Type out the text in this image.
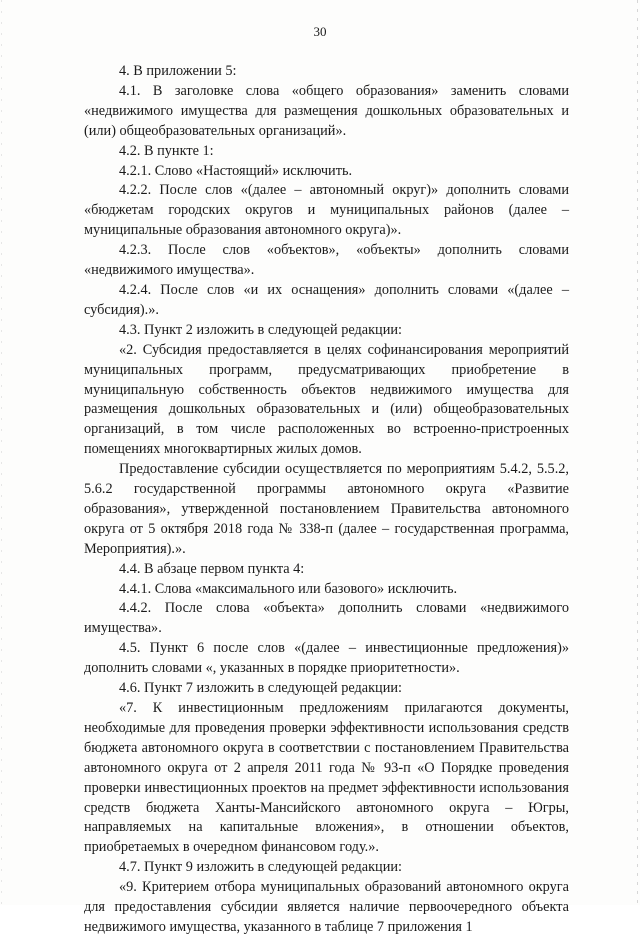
30

4. В приложении 5:

4.1. В заголовке слова «общего образования» заменить словами «недвижимого имущества для размещения дошкольных образовательных и (или) общеобразовательных организаций».

4.2. В пункте 1:

4.2.1. Слово «Настоящий» исключить.

4.2.2. После слов «(далее – автономный округ)» дополнить словами «бюджетам городских округов и муниципальных районов (далее – муниципальные образования автономного округа)».

4.2.3. После слов «объектов», «объекты» дополнить словами «недвижимого имущества».

4.2.4. После слов «и их оснащения» дополнить словами «(далее – субсидия).».

4.3. Пункт 2 изложить в следующей редакции:

«2. Субсидия предоставляется в целях софинансирования мероприятий муниципальных программ, предусматривающих приобретение в муниципальную собственность объектов недвижимого имущества для размещения дошкольных образовательных и (или) общеобразовательных организаций, в том числе расположенных во встроенно-пристроенных помещениях многоквартирных жилых домов.

Предоставление субсидии осуществляется по мероприятиям 5.4.2, 5.5.2, 5.6.2 государственной программы автономного округа «Развитие образования», утвержденной постановлением Правительства автономного округа от 5 октября 2018 года № 338-п (далее – государственная программа, Мероприятия).».

4.4. В абзаце первом пункта 4:

4.4.1. Слова «максимального или базового» исключить.

4.4.2. После слова «объекта» дополнить словами «недвижимого имущества».

4.5. Пункт 6 после слов «(далее – инвестиционные предложения)» дополнить словами «, указанных в порядке приоритетности».

4.6. Пункт 7 изложить в следующей редакции:

«7. К инвестиционным предложениям прилагаются документы, необходимые для проведения проверки эффективности использования средств бюджета автономного округа в соответствии с постановлением Правительства автономного округа от 2 апреля 2011 года № 93-п «О Порядке проведения проверки инвестиционных проектов на предмет эффективности использования средств бюджета Ханты-Мансийского автономного округа – Югры, направляемых на капитальные вложения», в отношении объектов, приобретаемых в очередном финансовом году.».

4.7. Пункт 9 изложить в следующей редакции:

«9. Критерием отбора муниципальных образований автономного округа для предоставления субсидии является наличие первоочередного объекта недвижимого имущества, указанного в таблице 7 приложения 1
